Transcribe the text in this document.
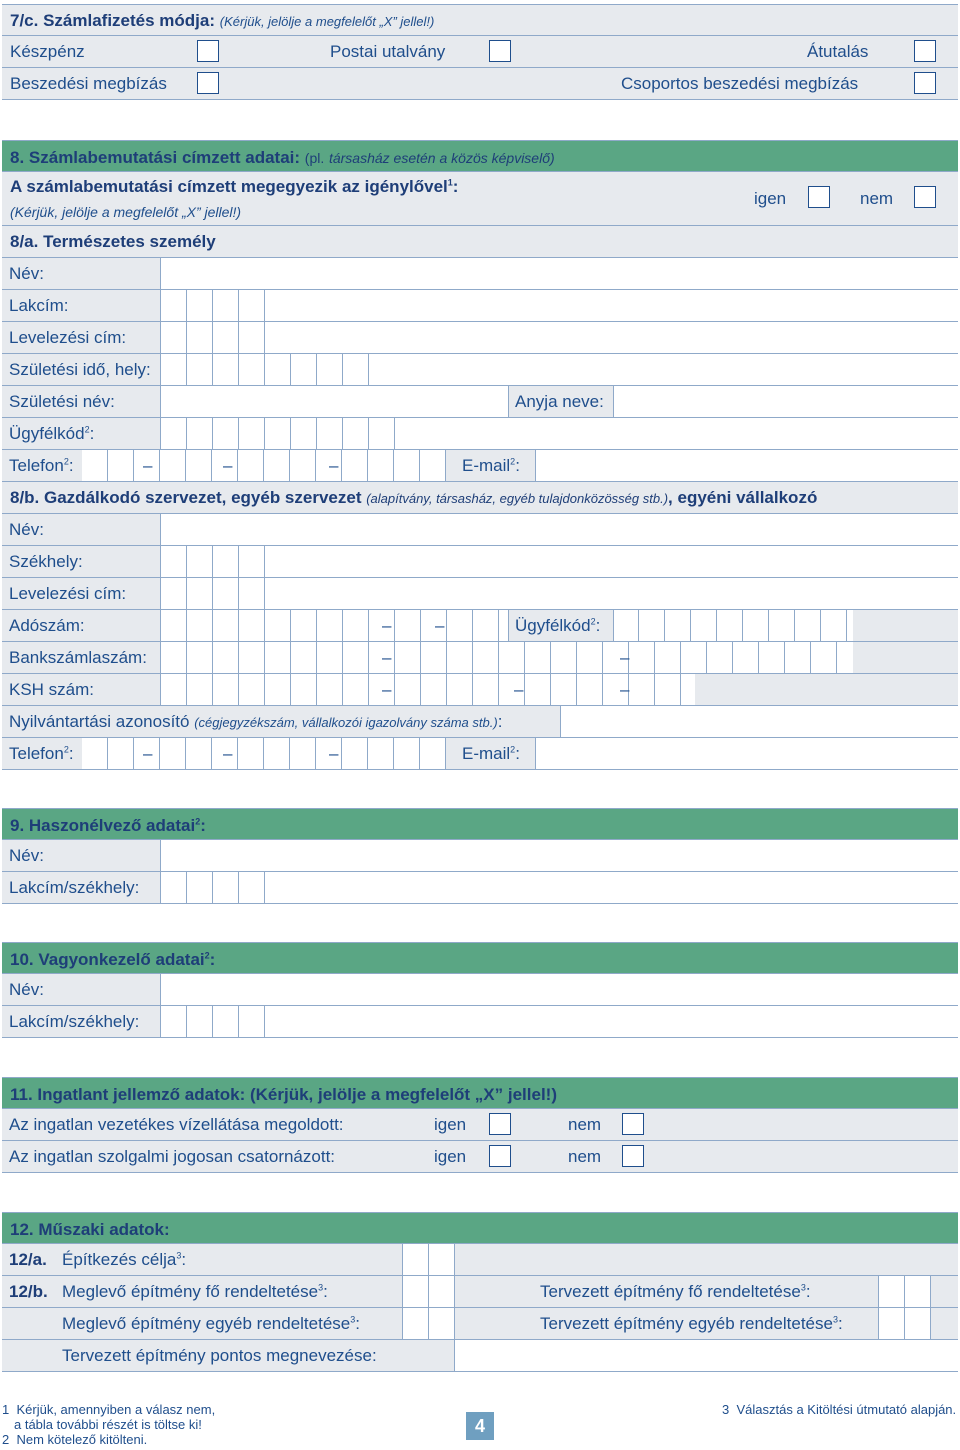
7/c. Számlafizetés módja: (Kérjük, jelölje a megfelelőt „X” jellel!)
Készpénz	Postai utalvány	Átutalás
Beszedési megbízás	Csoportos beszedési megbízás
8. Számlabemutatási címzett adatai: (pl. társasház esetén a közös képviselő)
A számlabemutatási címzett megegyezik az igénylővel$^1$:
(Kérjük, jelölje a megfelelőt „X” jellel!)
igen	nem
8/a. Természetes személy
Név:
Lakcím:
Levelezési cím:
Születési idő, hely:
Születési név:	Anyja neve:
Ügyfélkód$^2$:
Telefon$^2$:	–	–	–	E-mail$^2$:
8/b. Gazdálkodó szervezet, egyéb szervezet (alapítvány, társasház, egyéb tulajdonközösség stb.), egyéni vállalkozó
Név:
Székhely:
Levelezési cím:
Adószám:	–	–	Ügyfélkód$^2$:
Bankszámlaszám:	–	–
KSH szám:	–	–	–
Nyilvántartási azonosító (cégjegyzékszám, vállalkozói igazolvány száma stb.):
Telefon$^2$:	–	–	–	E-mail$^2$:
9. Haszonélvező adatai$^2$:
Név:
Lakcím/székhely:
10. Vagyonkezelő adatai$^2$:
Név:
Lakcím/székhely:
11. Ingatlant jellemző adatok: (Kérjük, jelölje a megfelelőt „X” jellel!)
Az ingatlan vezetékes vízellátása megoldott:	igen	nem
Az ingatlan szolgalmi jogosan csatornázott:	igen	nem
12. Műszaki adatok:
12/a. Építkezés célja$^3$:
12/b. Meglevő építmény fő rendeltetése$^3$:	Tervezett építmény fő rendeltetése$^3$:
Meglevő építmény egyéb rendeltetése$^3$:	Tervezett építmény egyéb rendeltetése$^3$:
Tervezett építmény pontos megnevezése:
1 Kérjük, amennyiben a válasz nem,
a tábla további részét is töltse ki!
2 Nem kötelező kitölteni.
4
3 Választás a Kitöltési útmutató alapján.
